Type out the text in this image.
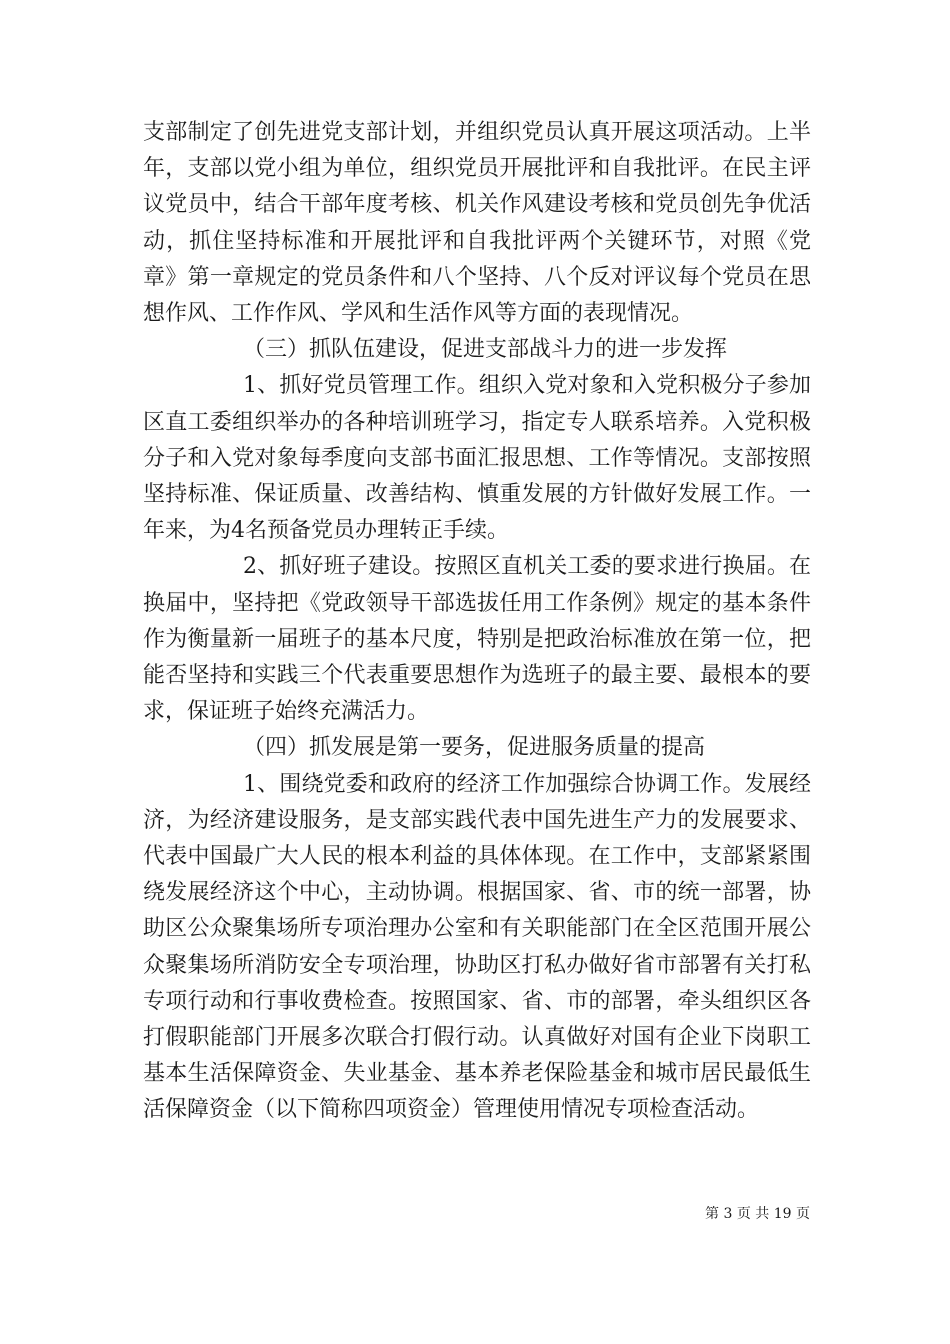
支部制定了创先进党支部计划，并组织党员认真开展这项活动。上半年，支部以党小组为单位，组织党员开展批评和自我批评。在民主评议党员中，结合干部年度考核、机关作风建设考核和党员创先争优活动，抓住坚持标准和开展批评和自我批评两个关键环节，对照《党章》第一章规定的党员条件和八个坚持、八个反对评议每个党员在思想作风、工作作风、学风和生活作风等方面的表现情况。

（三）抓队伍建设，促进支部战斗力的进一步发挥

1、抓好党员管理工作。组织入党对象和入党积极分子参加区直工委组织举办的各种培训班学习，指定专人联系培养。入党积极分子和入党对象每季度向支部书面汇报思想、工作等情况。支部按照坚持标准、保证质量、改善结构、慎重发展的方针做好发展工作。一年来，为4名预备党员办理转正手续。

2、抓好班子建设。按照区直机关工委的要求进行换届。在换届中，坚持把《党政领导干部选拔任用工作条例》规定的基本条件作为衡量新一届班子的基本尺度，特别是把政治标准放在第一位，把能否坚持和实践三个代表重要思想作为选班子的最主要、最根本的要求，保证班子始终充满活力。

（四）抓发展是第一要务，促进服务质量的提高

1、围绕党委和政府的经济工作加强综合协调工作。发展经济，为经济建设服务，是支部实践代表中国先进生产力的发展要求、代表中国最广大人民的根本利益的具体体现。在工作中，支部紧紧围绕发展经济这个中心，主动协调。根据国家、省、市的统一部署，协助区公众聚集场所专项治理办公室和有关职能部门在全区范围开展公众聚集场所消防安全专项治理，协助区打私办做好省市部署有关打私专项行动和行事收费检查。按照国家、省、市的部署，牵头组织区各打假职能部门开展多次联合打假行动。认真做好对国有企业下岗职工基本生活保障资金、失业基金、基本养老保险基金和城市居民最低生活保障资金（以下简称四项资金）管理使用情况专项检查活动。

第 3 页 共 19 页
